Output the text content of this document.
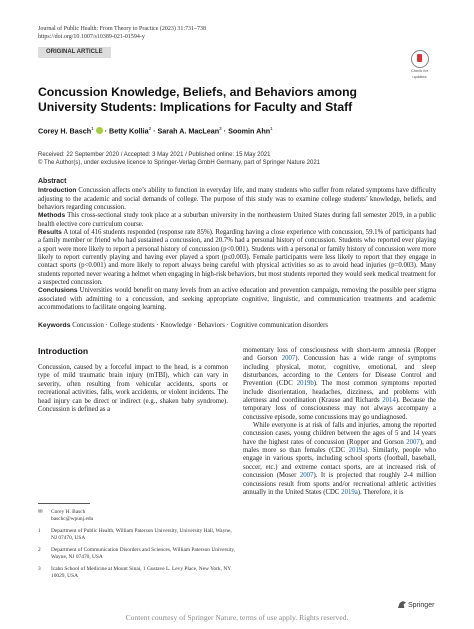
Journal of Public Health: From Theory to Practice (2023) 31:731–738
https://doi.org/10.1007/s10389-021-01594-y
ORIGINAL ARTICLE
Check for
updates
Concussion Knowledge, Beliefs, and Behaviors among University Students: Implications for Faculty and Staff
Corey H. Basch$^1$  · Betty Kollia$^2$ · Sarah A. MacLean$^3$ · Soomin Ahn$^1$
Received: 22 September 2020 / Accepted: 3 May 2021 / Published online: 15 May 2021
© The Author(s), under exclusive licence to Springer-Verlag GmbH Germany, part of Springer Nature 2021
Abstract

Introduction Concussion affects one’s ability to function in everyday life, and many students who suffer from related symptoms have difficulty adjusting to the academic and social demands of college. The purpose of this study was to examine college students’ knowledge, beliefs, and behaviors regarding concussion.

Methods This cross-sectional study took place at a suburban university in the northeastern United States during fall semester 2019, in a public health elective core curriculum course.

Results A total of 416 students responded (response rate 85%). Regarding having a close experience with concussion, 59.1% of participants had a family member or friend who had sustained a concussion, and 20.7% had a personal history of concussion. Students who reported ever playing a sport were more likely to report a personal history of concussion (p<0.001). Students with a personal or family history of concussion were more likely to report currently playing and having ever played a sport (p≤0.003). Female participants were less likely to report that they engage in contact sports (p<0.001) and more likely to report always being careful with physical activities so as to avoid head injuries (p=0.003). Many students reported never wearing a helmet when engaging in high-risk behaviors, but most students reported they would seek medical treatment for a suspected concussion.

Conclusions Universities would benefit on many levels from an active education and prevention campaign, removing the possible peer stigma associated with admitting to a concussion, and seeking appropriate cognitive, linguistic, and communication treatments and academic accommodations to facilitate ongoing learning.

Keywords Concussion · College students · Knowledge · Behaviors · Cognitive communication disorders
Introduction

Concussion, caused by a forceful impact to the head, is a common type of mild traumatic brain injury (mTBI), which can vary in severity, often resulting from vehicular accidents, sports or recreational activities, falls, work accidents, or violent incidents. The head injury can be direct or indirect (e.g., shaken baby syndrome). Concussion is defined as a

✉ Corey H. Basch
baschc@wpunj.edu
1 Department of Public Health, William Paterson University, University Hall, Wayne, NJ 07470, USA
2 Department of Communication Disorders and Sciences, William Paterson University, Wayne, NJ 07470, USA
3 Icahn School of Medicine at Mount Sinai, 1 Gustave L. Levy Place, New York, NY 10029, USA

momentary loss of consciousness with short-term amnesia (Ropper and Gorson 2007). Concussion has a wide range of symptoms including physical, motor, cognitive, emotional, and sleep disturbances, according to the Centers for Disease Control and Prevention (CDC 2019b). The most common symptoms reported include disorientation, headaches, dizziness, and problems with alertness and coordination (Krause and Richards 2014). Because the temporary loss of consciousness may not always accompany a concussive episode, some concussions may go undiagnosed.

While everyone is at risk of falls and injuries, among the reported concussion cases, young children between the ages of 5 and 14 years have the highest rates of concussion (Ropper and Gorson 2007), and males more so than females (CDC 2019a). Similarly, people who engage in various sports, including school sports (football, baseball, soccer, etc.) and extreme contact sports, are at increased risk of concussion (Moser 2007). It is projected that roughly 2-4 million concussions result from sports and/or recreational athletic activities annually in the United States (CDC 2019a). Therefore, it is

Springer
Content courtesy of Springer Nature, terms of use apply. Rights reserved.
